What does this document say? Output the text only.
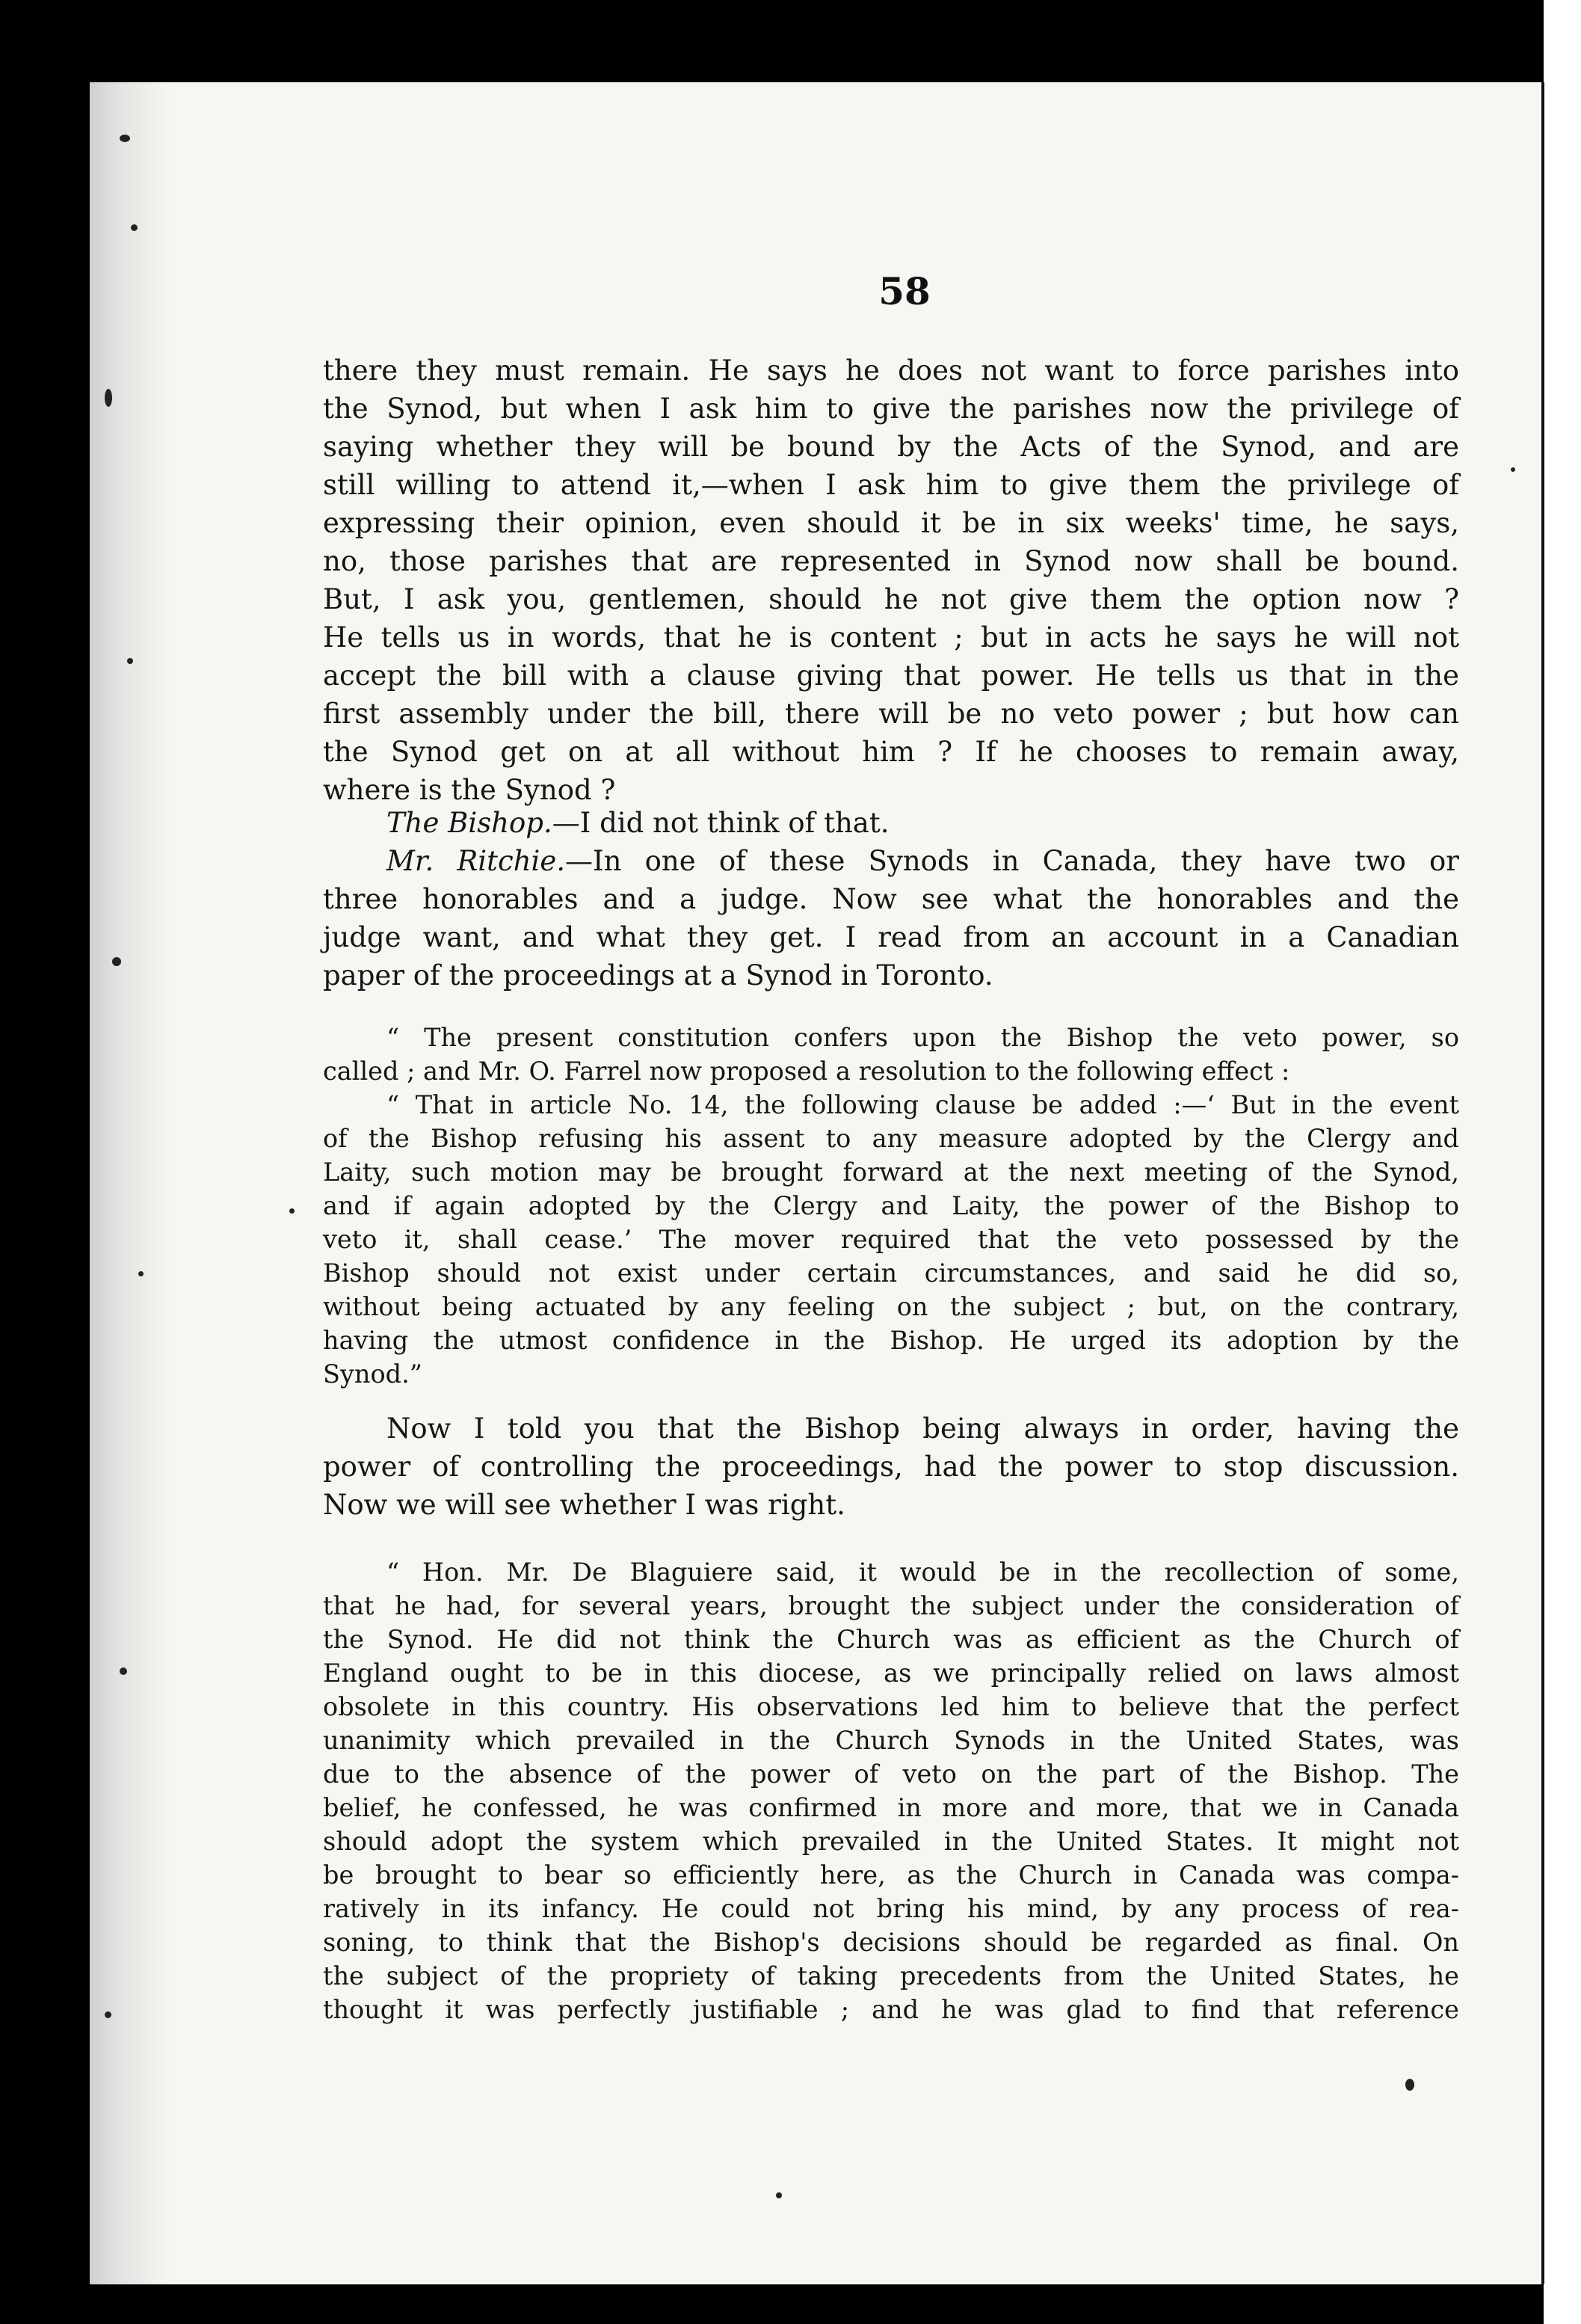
58
there they must remain. He says he does not want to force parishes into
the Synod, but when I ask him to give the parishes now the privilege of
saying whether they will be bound by the Acts of the Synod, and are
still willing to attend it,—when I ask him to give them the privilege of
expressing their opinion, even should it be in six weeks' time, he says,
no, those parishes that are represented in Synod now shall be bound.
But, I ask you, gentlemen, should he not give them the option now ?
He tells us in words, that he is content ; but in acts he says he will not
accept the bill with a clause giving that power. He tells us that in the
first assembly under the bill, there will be no veto power ; but how can
the Synod get on at all without him ? If he chooses to remain away,
where is the Synod ?
The Bishop.—I did not think of that.
Mr. Ritchie.—In one of these Synods in Canada, they have two or
three honorables and a judge. Now see what the honorables and the
judge want, and what they get. I read from an account in a Canadian
paper of the proceedings at a Synod in Toronto.
“ The present constitution confers upon the Bishop the veto power, so
called ; and Mr. O. Farrel now proposed a resolution to the following effect :
“ That in article No. 14, the following clause be added :—‘ But in the event
of the Bishop refusing his assent to any measure adopted by the Clergy and
Laity, such motion may be brought forward at the next meeting of the Synod,
and if again adopted by the Clergy and Laity, the power of the Bishop to
veto it, shall cease.’ The mover required that the veto possessed by the
Bishop should not exist under certain circumstances, and said he did so,
without being actuated by any feeling on the subject ; but, on the contrary,
having the utmost confidence in the Bishop. He urged its adoption by the
Synod.”
Now I told you that the Bishop being always in order, having the
power of controlling the proceedings, had the power to stop discussion.
Now we will see whether I was right.
“ Hon. Mr. De Blaguiere said, it would be in the recollection of some,
that he had, for several years, brought the subject under the consideration of
the Synod. He did not think the Church was as efficient as the Church of
England ought to be in this diocese, as we principally relied on laws almost
obsolete in this country. His observations led him to believe that the perfect
unanimity which prevailed in the Church Synods in the United States, was
due to the absence of the power of veto on the part of the Bishop. The
belief, he confessed, he was confirmed in more and more, that we in Canada
should adopt the system which prevailed in the United States. It might not
be brought to bear so efficiently here, as the Church in Canada was compa-
ratively in its infancy. He could not bring his mind, by any process of rea-
soning, to think that the Bishop's decisions should be regarded as final. On
the subject of the propriety of taking precedents from the United States, he
thought it was perfectly justifiable ; and he was glad to find that reference
